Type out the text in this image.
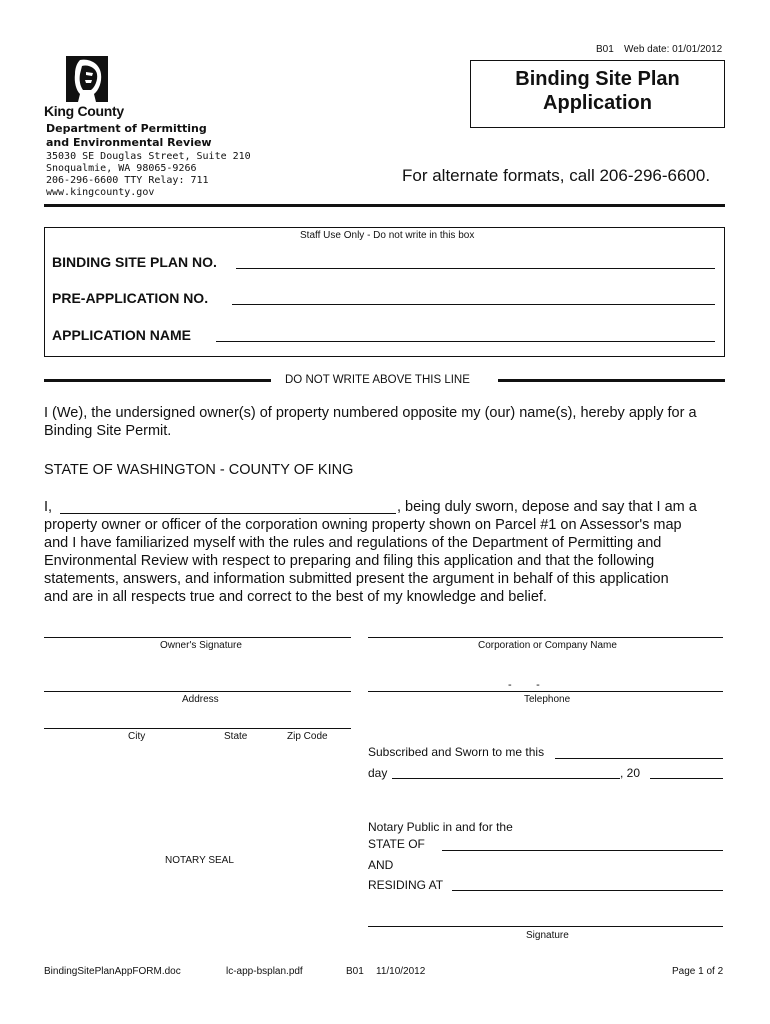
B01 Web date: 01/01/2012
King County
Department of Permitting
and Environmental Review
35030 SE Douglas Street, Suite 210
Snoqualmie, WA 98065-9266
206-296-6600 TTY Relay: 711
www.kingcounty.gov
Binding Site Plan
Application
For alternate formats, call 206-296-6600.
Staff Use Only - Do not write in this box
BINDING SITE PLAN NO.
PRE-APPLICATION NO.
APPLICATION NAME
DO NOT WRITE ABOVE THIS LINE
I (We), the undersigned owner(s) of property numbered opposite my (our) name(s), hereby apply for a
Binding Site Permit.
STATE OF WASHINGTON - COUNTY OF KING
I,	, being duly sworn, depose and say that I am a
property owner or officer of the corporation owning property shown on Parcel #1 on Assessor's map
and I have familiarized myself with the rules and regulations of the Department of Permitting and
Environmental Review with respect to preparing and filing this application and that the following
statements, answers, and information submitted present the argument in behalf of this application
and are in all respects true and correct to the best of my knowledge and belief.
Owner's Signature	Corporation or Company Name
Address
-        -
Telephone
City	State	Zip Code
Subscribed and Sworn to me this
day	, 20
Notary Public in and for the
STATE OF
AND
RESIDING AT
NOTARY SEAL
Signature
BindingSitePlanAppFORM.doc	lc-app-bsplan.pdf	B01 11/10/2012	Page 1 of 2
